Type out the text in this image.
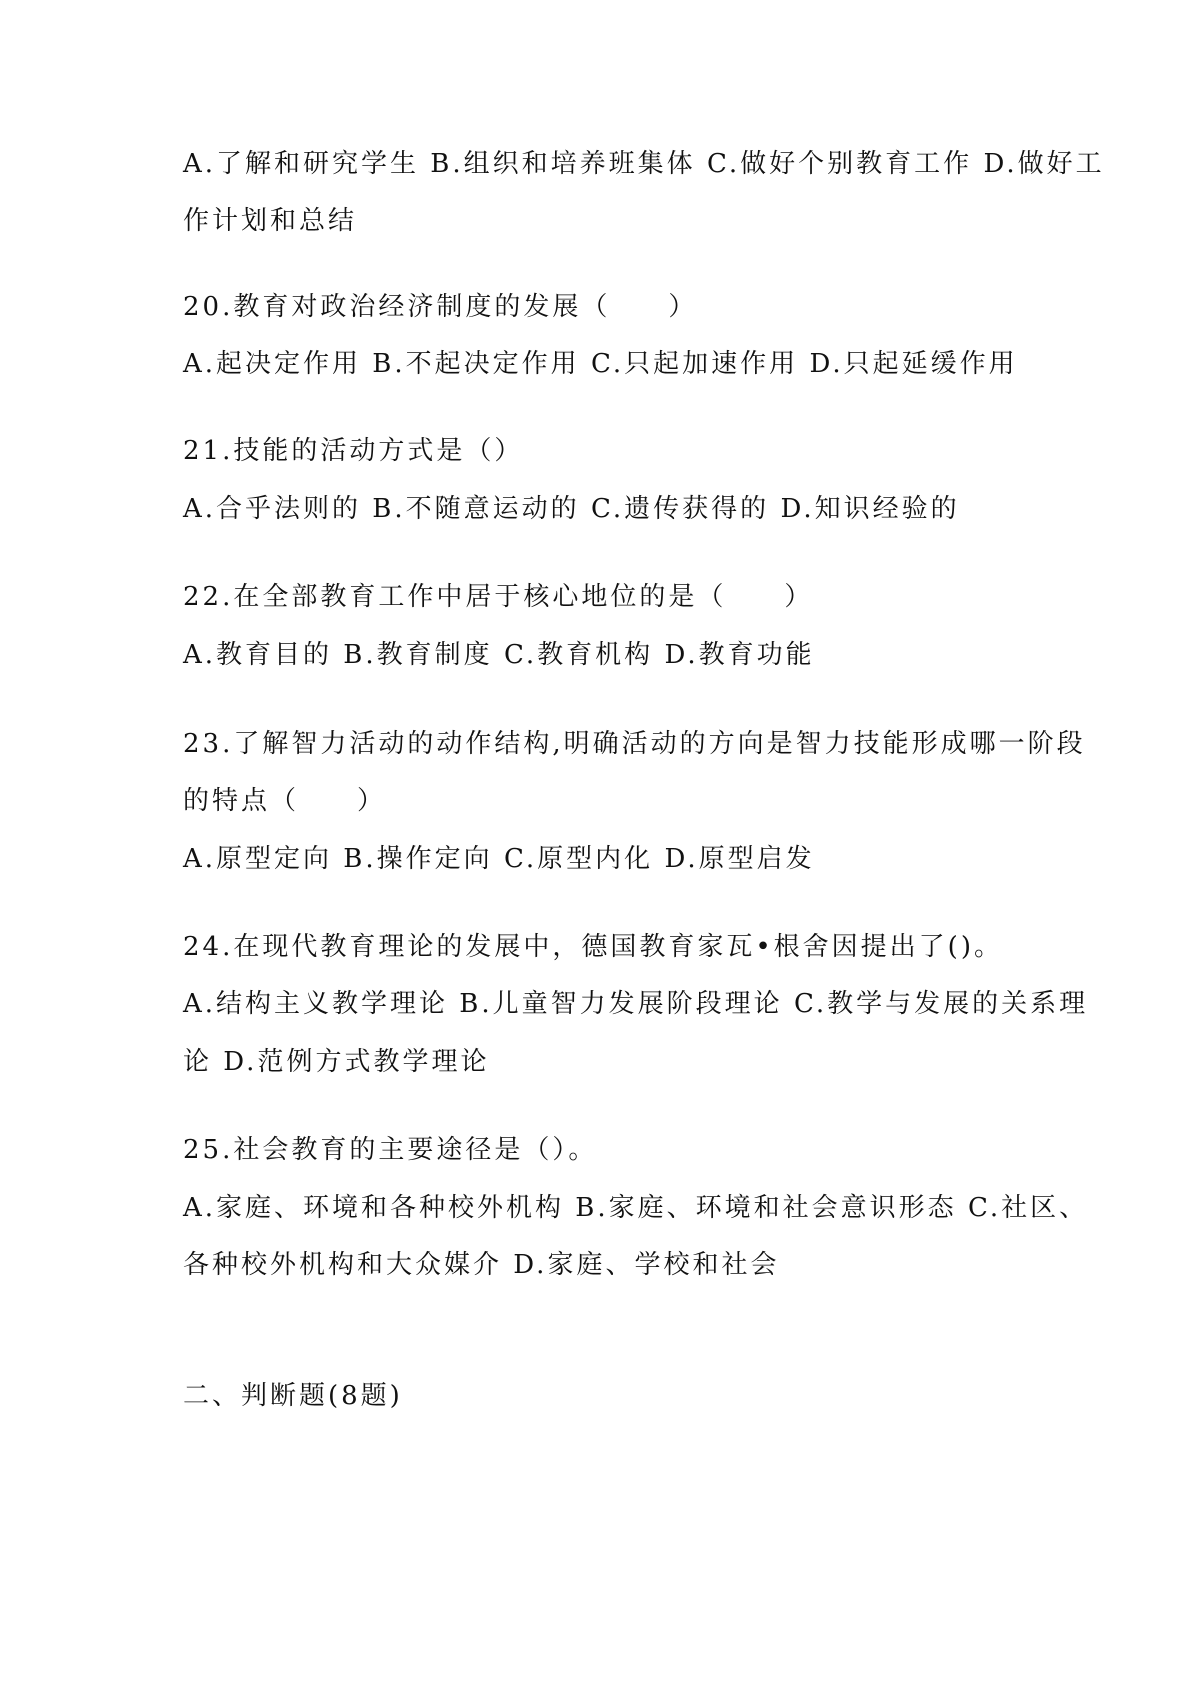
A.了解和研究学生 B.组织和培养班集体 C.做好个别教育工作 D.做好工
作计划和总结
20.教育对政治经济制度的发展（　　）
A.起决定作用 B.不起决定作用 C.只起加速作用 D.只起延缓作用
21.技能的活动方式是（）
A.合乎法则的 B.不随意运动的 C.遗传获得的 D.知识经验的
22.在全部教育工作中居于核心地位的是（　　）
A.教育目的 B.教育制度 C.教育机构 D.教育功能
23.了解智力活动的动作结构,明确活动的方向是智力技能形成哪一阶段
的特点（　　）
A.原型定向 B.操作定向 C.原型内化 D.原型启发
24.在现代教育理论的发展中，德国教育家瓦•根舍因提出了()。
A.结构主义教学理论 B.儿童智力发展阶段理论 C.教学与发展的关系理
论 D.范例方式教学理论
25.社会教育的主要途径是（）。
A.家庭、环境和各种校外机构 B.家庭、环境和社会意识形态 C.社区、
各种校外机构和大众媒介 D.家庭、学校和社会
二、判断题(8题)
